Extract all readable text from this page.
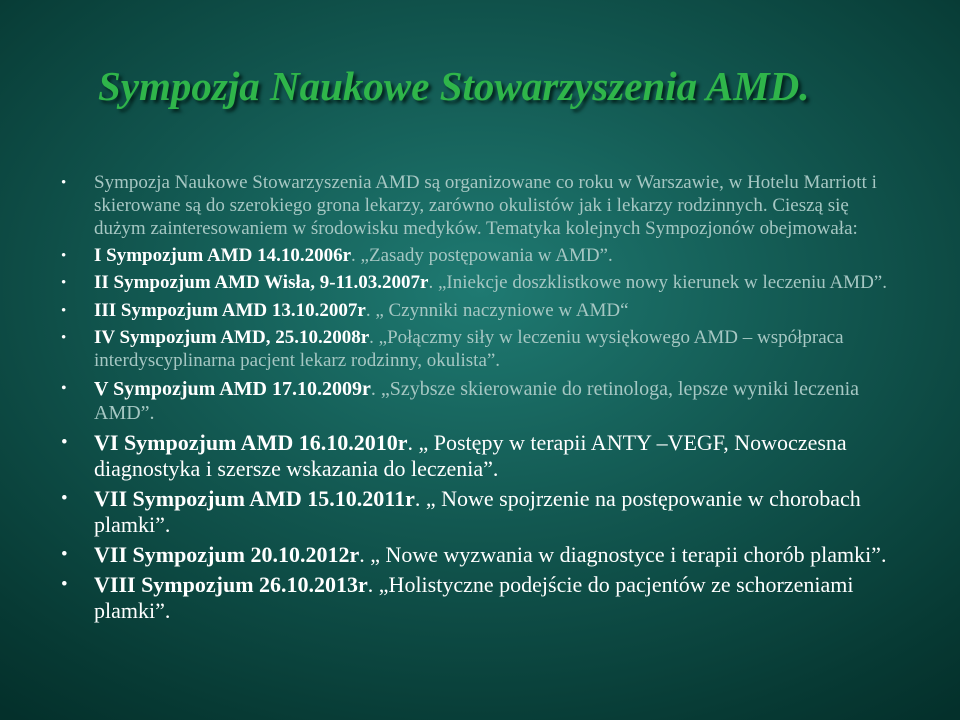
Sympozja Naukowe Stowarzyszenia AMD.
• Sympozja Naukowe Stowarzyszenia AMD są organizowane co roku w Warszawie, w Hotelu Marriott i skierowane są do szerokiego grona lekarzy, zarówno okulistów jak i lekarzy rodzinnych. Cieszą się dużym zainteresowaniem w środowisku medyków. Tematyka kolejnych Sympozjonów obejmowała:
• I Sympozjum AMD 14.10.2006r. „Zasady postępowania w AMD”.
• II Sympozjum AMD Wisła, 9-11.03.2007r. „Iniekcje doszklistkowe nowy kierunek w leczeniu AMD”.
• III Sympozjum AMD 13.10.2007r. „ Czynniki naczyniowe w AMD“
• IV Sympozjum AMD, 25.10.2008r. „Połączmy siły w leczeniu wysiękowego AMD – współpraca interdyscyplinarna pacjent lekarz rodzinny, okulista”.
• V Sympozjum AMD 17.10.2009r. „Szybsze skierowanie do retinologa, lepsze wyniki leczenia AMD”.
• VI Sympozjum AMD 16.10.2010r. „ Postępy w terapii ANTY –VEGF, Nowoczesna diagnostyka i szersze wskazania do leczenia”.
• VII Sympozjum AMD 15.10.2011r. „ Nowe spojrzenie na postępowanie w chorobach plamki”.
• VII Sympozjum 20.10.2012r. „ Nowe wyzwania w diagnostyce i terapii chorób plamki”.
• VIII Sympozjum 26.10.2013r. „Holistyczne podejście do pacjentów ze schorzeniami plamki”.
